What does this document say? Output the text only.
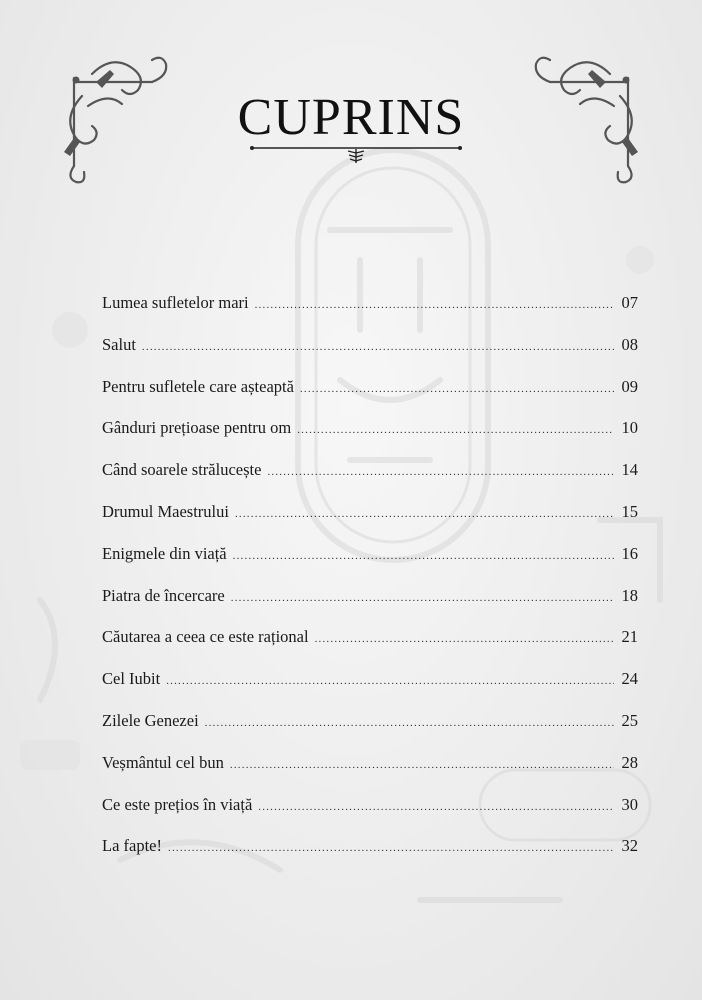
CUPRINS
Lumea sufletelor mari .....	07
Salut .....	08
Pentru sufletele care așteaptă .....	09
Gânduri prețioase pentru om .....	10
Când soarele strălucește .....	14
Drumul Maestrului .....	15
Enigmele din viață .....	16
Piatra de încercare .....	18
Căutarea a ceea ce este rațional .....	21
Cel Iubit .....	24
Zilele Genezei .....	25
Veșmântul cel bun .....	28
Ce este prețios în viață .....	30
La fapte! .....	32
